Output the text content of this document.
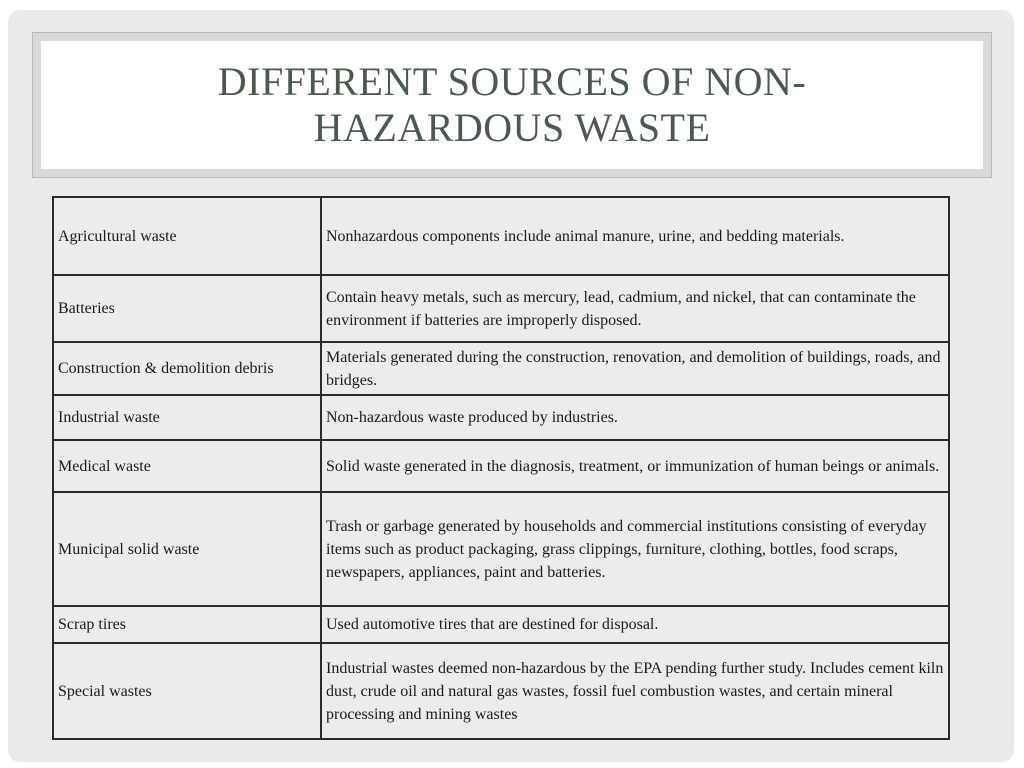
DIFFERENT SOURCES OF NON-HAZARDOUS WASTE
Agricultural waste	Nonhazardous components include animal manure, urine, and bedding materials.
Batteries	Contain heavy metals, such as mercury, lead, cadmium, and nickel, that can contaminate the environment if batteries are improperly disposed.
Construction & demolition debris	Materials generated during the construction, renovation, and demolition of buildings, roads, and bridges.
Industrial waste	Non-hazardous waste produced by industries.
Medical waste	Solid waste generated in the diagnosis, treatment, or immunization of human beings or animals.
Municipal solid waste	Trash or garbage generated by households and commercial institutions consisting of everyday items such as product packaging, grass clippings, furniture, clothing, bottles, food scraps, newspapers, appliances, paint and batteries.
Scrap tires	Used automotive tires that are destined for disposal.
Special wastes	Industrial wastes deemed non-hazardous by the EPA pending further study. Includes cement kiln dust, crude oil and natural gas wastes, fossil fuel combustion wastes, and certain mineral processing and mining wastes
